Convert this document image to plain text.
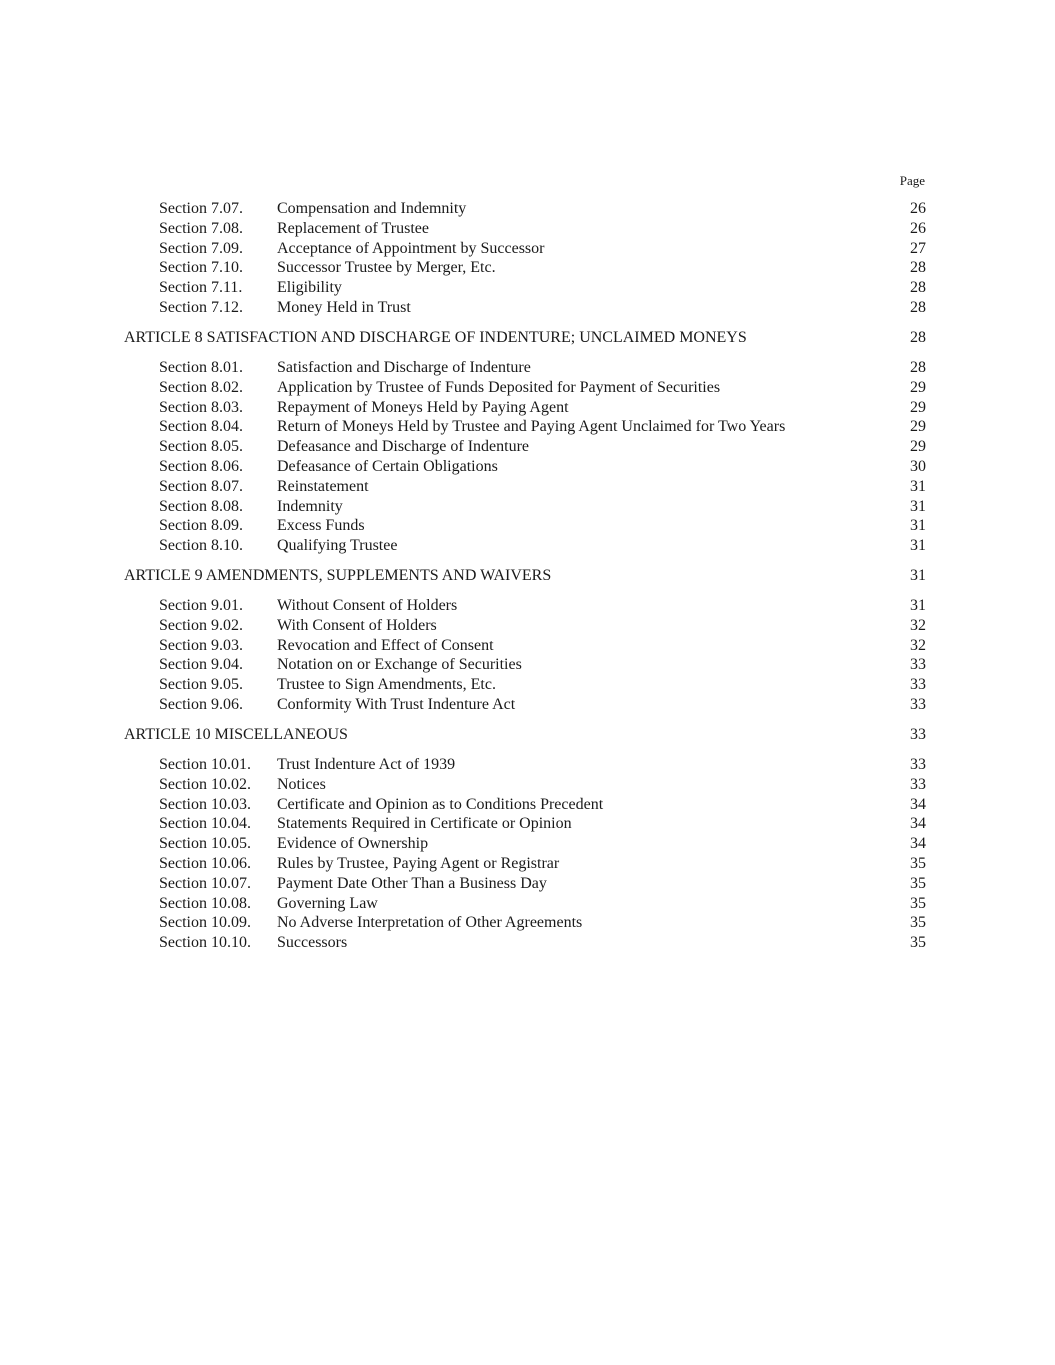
Page
Section 7.07. Compensation and Indemnity	26
Section 7.08. Replacement of Trustee	26
Section 7.09. Acceptance of Appointment by Successor	27
Section 7.10. Successor Trustee by Merger, Etc.	28
Section 7.11. Eligibility	28
Section 7.12. Money Held in Trust	28
ARTICLE 8 SATISFACTION AND DISCHARGE OF INDENTURE; UNCLAIMED MONEYS	28
Section 8.01. Satisfaction and Discharge of Indenture	28
Section 8.02. Application by Trustee of Funds Deposited for Payment of Securities	29
Section 8.03. Repayment of Moneys Held by Paying Agent	29
Section 8.04. Return of Moneys Held by Trustee and Paying Agent Unclaimed for Two Years	29
Section 8.05. Defeasance and Discharge of Indenture	29
Section 8.06. Defeasance of Certain Obligations	30
Section 8.07. Reinstatement	31
Section 8.08. Indemnity	31
Section 8.09. Excess Funds	31
Section 8.10. Qualifying Trustee	31
ARTICLE 9 AMENDMENTS, SUPPLEMENTS AND WAIVERS	31
Section 9.01. Without Consent of Holders	31
Section 9.02. With Consent of Holders	32
Section 9.03. Revocation and Effect of Consent	32
Section 9.04. Notation on or Exchange of Securities	33
Section 9.05. Trustee to Sign Amendments, Etc.	33
Section 9.06. Conformity With Trust Indenture Act	33
ARTICLE 10 MISCELLANEOUS	33
Section 10.01. Trust Indenture Act of 1939	33
Section 10.02. Notices	33
Section 10.03. Certificate and Opinion as to Conditions Precedent	34
Section 10.04. Statements Required in Certificate or Opinion	34
Section 10.05. Evidence of Ownership	34
Section 10.06. Rules by Trustee, Paying Agent or Registrar	35
Section 10.07. Payment Date Other Than a Business Day	35
Section 10.08. Governing Law	35
Section 10.09. No Adverse Interpretation of Other Agreements	35
Section 10.10. Successors	35
